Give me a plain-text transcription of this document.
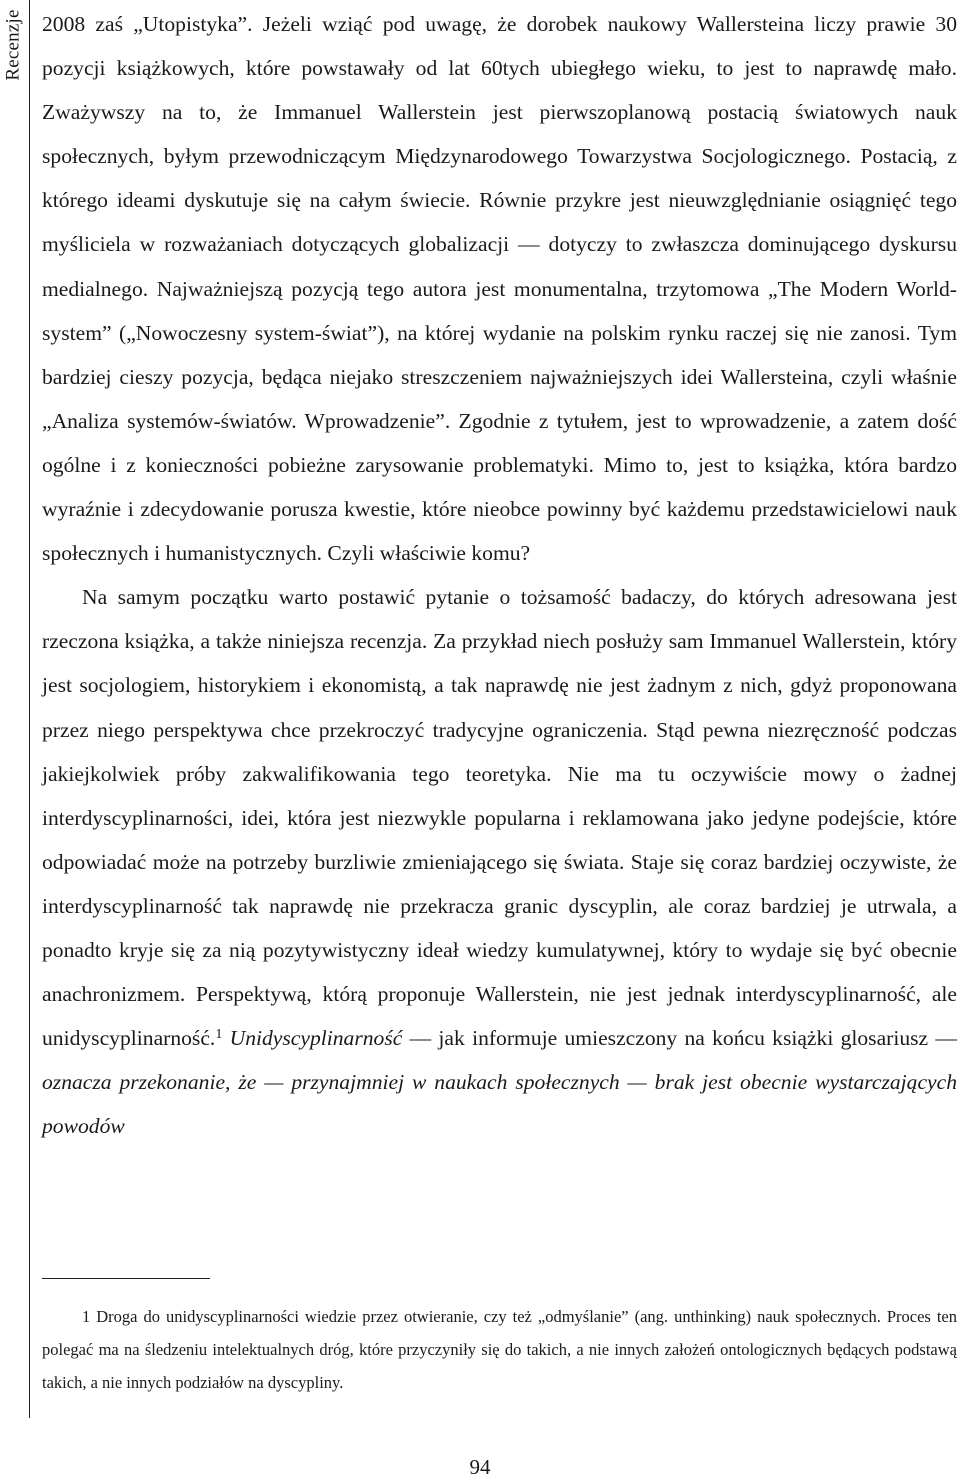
Recenzje 2008 zaś „Utopistyka”. Jeżeli wziąć pod uwagę, że dorobek naukowy Wallersteina liczy prawie 30 pozycji książkowych, które powstawały od lat 60tych ubiegłego wieku, to jest to naprawdę mało. Zważywszy na to, że Immanuel Wallerstein jest pierwszoplanową postacią światowych nauk społecznych, byłym przewodniczącym Międzynarodowego Towarzystwa Socjologicznego. Postacią, z którego ideami dyskutuje się na całym świecie. Równie przykre jest nieuwzględnianie osiągnięć tego myśliciela w rozważaniach dotyczących globalizacji — dotyczy to zwłaszcza dominującego dyskursu medialnego. Najważniejszą pozycją tego autora jest monumentalna, trzytomowa „The Modern World-system” („Nowoczesny system-świat”), na której wydanie na polskim rynku raczej się nie zanosi. Tym bardziej cieszy pozycja, będąca niejako streszczeniem najważniejszych idei Wallersteina, czyli właśnie „Analiza systemów-światów. Wprowadzenie”. Zgodnie z tytułem, jest to wprowadzenie, a zatem dość ogólne i z konieczności pobieżne zarysowanie problematyki. Mimo to, jest to książka, która bardzo wyraźnie i zdecydowanie porusza kwestie, które nieobce powinny być każdemu przedstawicielowi nauk społecznych i humanistycznych. Czyli właściwie komu?

Na samym początku warto postawić pytanie o tożsamość badaczy, do których adresowana jest rzeczona książka, a także niniejsza recenzja. Za przykład niech posłuży sam Immanuel Wallerstein, który jest socjologiem, historykiem i ekonomistą, a tak naprawdę nie jest żadnym z nich, gdyż proponowana przez niego perspektywa chce przekroczyć tradycyjne ograniczenia. Stąd pewna niezręczność podczas jakiejkolwiek próby zakwalifikowania tego teoretyka. Nie ma tu oczywiście mowy o żadnej interdyscyplinarności, idei, która jest niezwykle popularna i reklamowana jako jedyne podejście, które odpowiadać może na potrzeby burzliwie zmieniającego się świata. Staje się coraz bardziej oczywiste, że interdyscyplinarność tak naprawdę nie przekracza granic dyscyplin, ale coraz bardziej je utrwala, a ponadto kryje się za nią pozytywistyczny ideał wiedzy kumulatywnej, który to wydaje się być obecnie anachronizmem. Perspektywą, którą proponuje Wallerstein, nie jest jednak interdyscyplinarność, ale unidyscyplinarność.$^1$ Unidyscyplinarność — jak informuje umieszczony na końcu książki glosariusz — oznacza przekonanie, że — przynajmniej w naukach społecznych — brak jest obecnie wystarczających powodów

1 Droga do unidyscyplinarności wiedzie przez otwieranie, czy też „odmyślanie” (ang. unthinking) nauk społecznych. Proces ten polegać ma na śledzeniu intelektualnych dróg, które przyczyniły się do takich, a nie innych założeń ontologicznych będących podstawą takich, a nie innych podziałów na dyscypliny.

94
